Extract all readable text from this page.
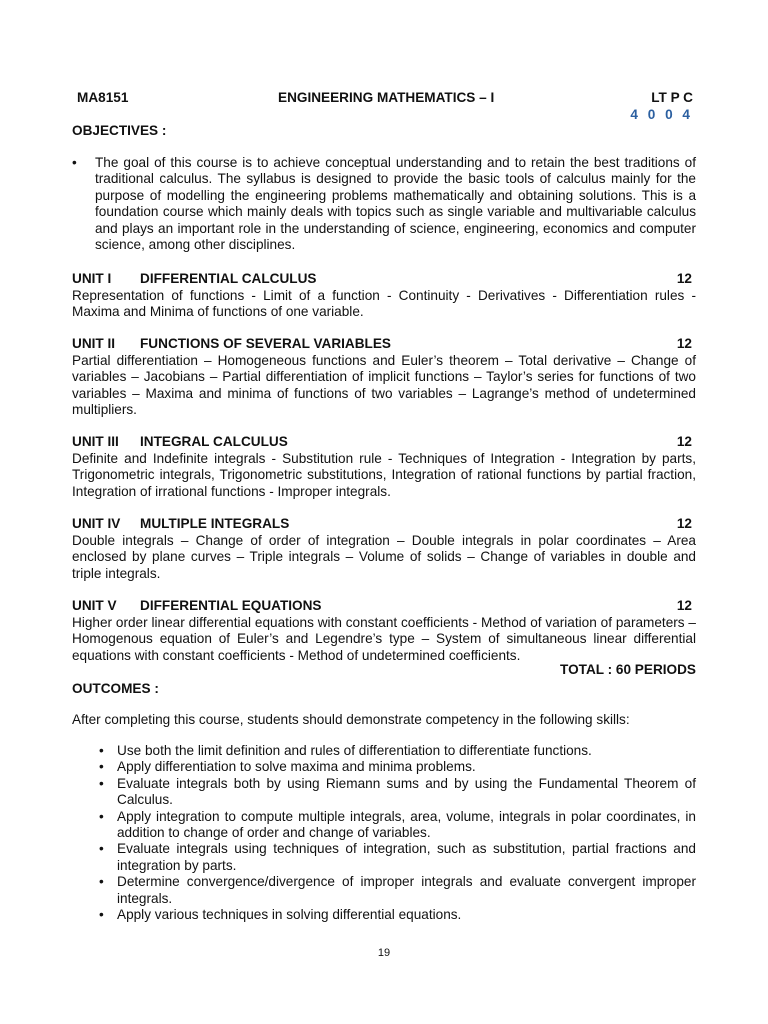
MA8151	ENGINEERING MATHEMATICS – I	LT P C
4 0 0 4
OBJECTIVES :
• The goal of this course is to achieve conceptual understanding and to retain the best traditions of traditional calculus. The syllabus is designed to provide the basic tools of calculus mainly for the purpose of modelling the engineering problems mathematically and obtaining solutions. This is a foundation course which mainly deals with topics such as single variable and multivariable calculus and plays an important role in the understanding of science, engineering, economics and computer science, among other disciplines.
UNIT I DIFFERENTIAL CALCULUS	12
Representation of functions - Limit of a function - Continuity - Derivatives - Differentiation rules - Maxima and Minima of functions of one variable.
UNIT II FUNCTIONS OF SEVERAL VARIABLES	12
Partial differentiation – Homogeneous functions and Euler’s theorem – Total derivative – Change of variables – Jacobians – Partial differentiation of implicit functions – Taylor’s series for functions of two variables – Maxima and minima of functions of two variables – Lagrange’s method of undetermined multipliers.
UNIT III INTEGRAL CALCULUS	12
Definite and Indefinite integrals - Substitution rule - Techniques of Integration - Integration by parts, Trigonometric integrals, Trigonometric substitutions, Integration of rational functions by partial fraction, Integration of irrational functions - Improper integrals.
UNIT IV MULTIPLE INTEGRALS	12
Double integrals – Change of order of integration – Double integrals in polar coordinates – Area enclosed by plane curves – Triple integrals – Volume of solids – Change of variables in double and triple integrals.
UNIT V DIFFERENTIAL EQUATIONS	12
Higher order linear differential equations with constant coefficients - Method of variation of parameters – Homogenous equation of Euler’s and Legendre’s type – System of simultaneous linear differential equations with constant coefficients - Method of undetermined coefficients.
TOTAL : 60 PERIODS
OUTCOMES :
After completing this course, students should demonstrate competency in the following skills:
• Use both the limit definition and rules of differentiation to differentiate functions.
• Apply differentiation to solve maxima and minima problems.
• Evaluate integrals both by using Riemann sums and by using the Fundamental Theorem of Calculus.
• Apply integration to compute multiple integrals, area, volume, integrals in polar coordinates, in addition to change of order and change of variables.
• Evaluate integrals using techniques of integration, such as substitution, partial fractions and integration by parts.
• Determine convergence/divergence of improper integrals and evaluate convergent improper integrals.
• Apply various techniques in solving differential equations.
19
